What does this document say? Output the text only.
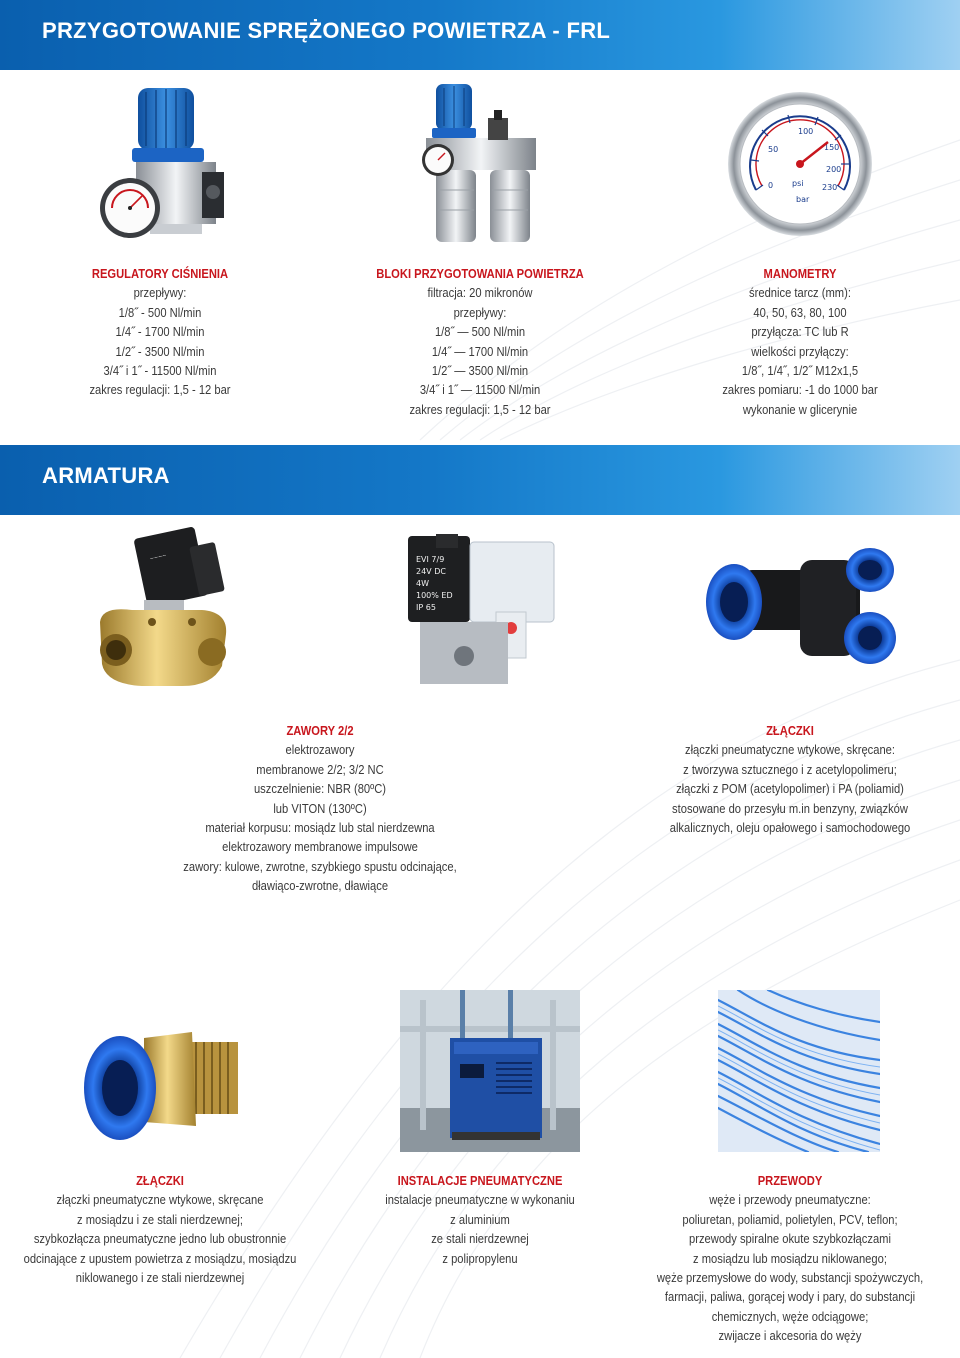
PRZYGOTOWANIE SPRĘŻONEGO POWIETRZA - FRL
0
50
100
150
200
230
psi
bar
REGULATORY CIŚNIENIA
przepływy:
1/8˝ - 500 Nl/min
1/4˝ - 1700 Nl/min
1/2˝ - 3500 Nl/min
3/4˝ i 1˝ - 11500 Nl/min
zakres regulacji: 1,5 - 12 bar
BLOKI PRZYGOTOWANIA POWIETRZA
filtracja: 20 mikronów
przepływy:
1/8˝ — 500 Nl/min
1/4˝ — 1700 Nl/min
1/2˝ — 3500 Nl/min
3/4˝ i 1˝ — 11500 Nl/min
zakres regulacji: 1,5 - 12 bar
MANOMETRY
średnice tarcz (mm):
40, 50, 63, 80, 100
przyłącza: TC lub R
wielkości przyłączy:
1/8˝, 1/4˝, 1/2˝ M12x1,5
zakres pomiaru: -1 do 1000 bar
wykonanie w glicerynie
ARMATURA
~~~~	EVI 7/9
24V DC
4W
100% ED
IP 65
ZAWORY 2/2
elektrozawory
membranowe 2/2; 3/2 NC
uszczelnienie: NBR (80ºC)
lub VITON (130ºC)
materiał korpusu: mosiądz lub stal nierdzewna
elektrozawory membranowe impulsowe
zawory: kulowe, zwrotne, szybkiego spustu odcinające,
dławiąco-zwrotne, dławiące
ZŁĄCZKI
złączki pneumatyczne wtykowe, skręcane:
z tworzywa sztucznego i z acetylopolimeru;
złączki z POM (acetylopolimer) i PA (poliamid)
stosowane do przesyłu m.in benzyny, związków
alkalicznych, oleju opałowego i samochodowego
ZŁĄCZKI
złączki pneumatyczne wtykowe, skręcane
z mosiądzu i ze stali nierdzewnej;
szybkozłącza pneumatyczne jedno lub obustronnie
odcinające z upustem powietrza z mosiądzu, mosiądzu
niklowanego i ze stali nierdzewnej
INSTALACJE PNEUMATYCZNE
instalacje pneumatyczne w wykonaniu
z aluminium
ze stali nierdzewnej
z polipropylenu
PRZEWODY
węże i przewody pneumatyczne:
poliuretan, poliamid, polietylen, PCV, teflon;
przewody spiralne okute szybkozłączami
z mosiądzu lub mosiądzu niklowanego;
węże przemysłowe do wody, substancji spożywczych,
farmacji, paliwa, gorącej wody i pary, do substancji
chemicznych, węże odciągowe;
zwijacze i akcesoria do węży
